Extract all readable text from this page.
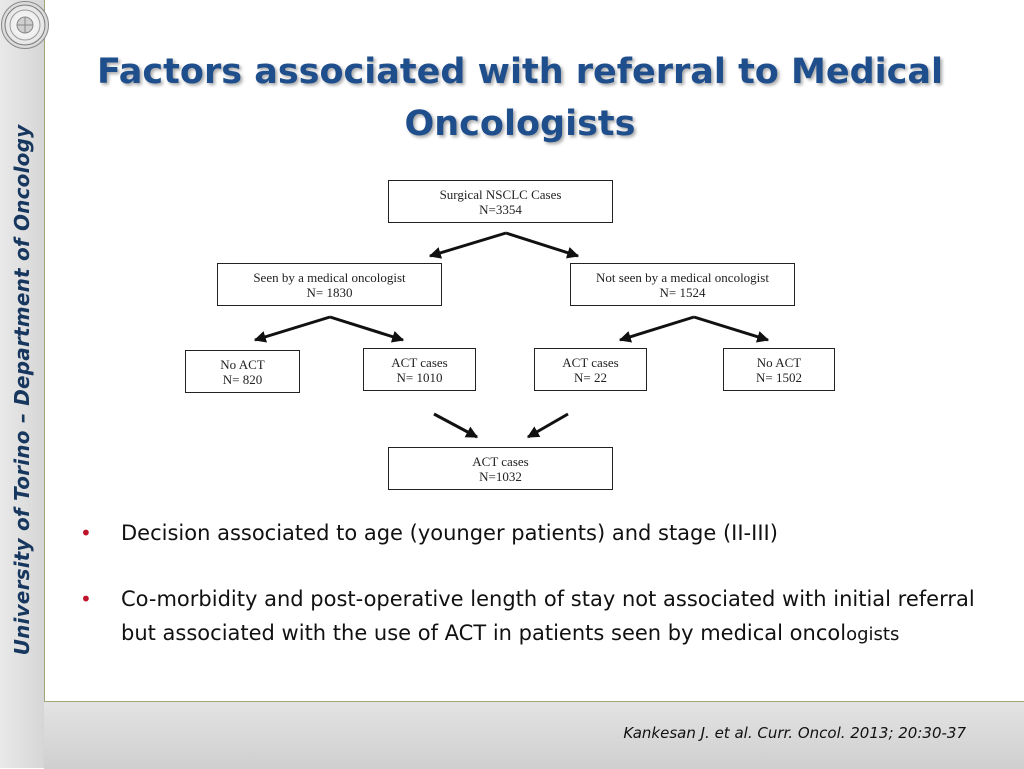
University of Torino – Department of Oncology
Factors associated with referral to Medical Oncologists
Surgical NSCLC Cases
N=3354
Seen by a medical oncologist
N= 1830
Not seen by a medical oncologist
N= 1524
No ACT
N= 820
ACT cases
N= 1010
ACT cases
N= 22
No ACT
N= 1502
ACT cases
N=1032
• Decision associated to age (younger patients) and stage (II-III)
• Co-morbidity and post-operative length of stay not associated with initial referral but associated with the use of ACT in patients seen by medical oncologists
Kankesan J. et al. Curr. Oncol. 2013; 20:30-37
